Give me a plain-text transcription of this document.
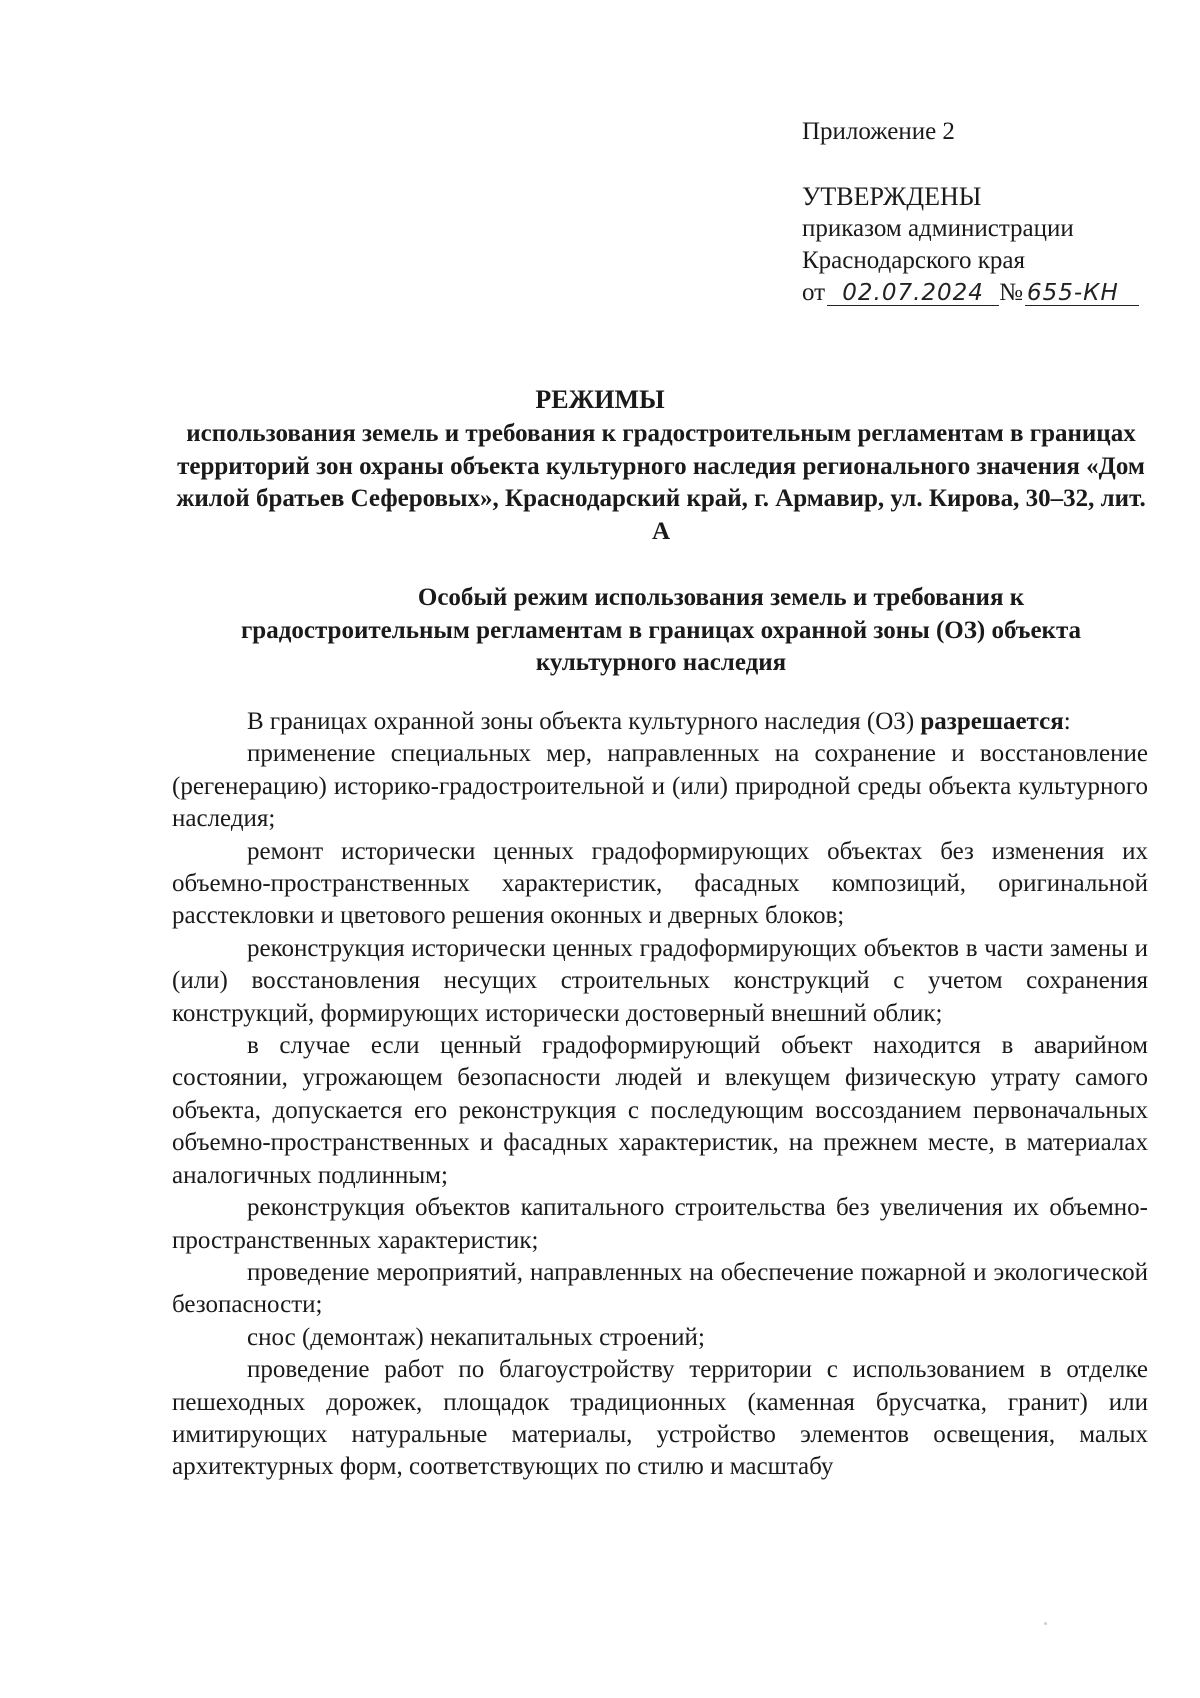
Приложение 2
УТВЕРЖДЕНЫ
приказом администрации
Краснодарского края
от 02.07.2024 № 655-КН
РЕЖИМЫ
использования земель и требования к градостроительным регламентам в границах территорий зон охраны объекта культурного наследия регионального значения «Дом жилой братьев Сеферовых», Краснодарский край, г. Армавир, ул. Кирова, 30–32, лит. А
Особый режим использования земель и требования к
градостроительным регламентам в границах охранной зоны (ОЗ) объекта культурного наследия

В границах охранной зоны объекта культурного наследия (ОЗ) разрешается:

применение специальных мер, направленных на сохранение и восстановление (регенерацию) историко-градостроительной и (или) природной среды объекта культурного наследия;

ремонт исторически ценных градоформирующих объектах без изменения их объемно-пространственных характеристик, фасадных композиций, оригинальной расстекловки и цветового решения оконных и дверных блоков;

реконструкция исторически ценных градоформирующих объектов в части замены и (или) восстановления несущих строительных конструкций с учетом сохранения конструкций, формирующих исторически достоверный внешний облик;

в случае если ценный градоформирующий объект находится в аварийном состоянии, угрожающем безопасности людей и влекущем физическую утрату самого объекта, допускается его реконструкция с последующим воссозданием первоначальных объемно-пространственных и фасадных характеристик, на прежнем месте, в материалах аналогичных подлинным;

реконструкция объектов капитального строительства без увеличения их объемно-пространственных характеристик;

проведение мероприятий, направленных на обеспечение пожарной и экологической безопасности;

снос (демонтаж) некапитальных строений;

проведение работ по благоустройству территории с использованием в отделке пешеходных дорожек, площадок традиционных (каменная брусчатка, гранит) или имитирующих натуральные материалы, устройство элементов освещения, малых архитектурных форм, соответствующих по стилю и масштабу
